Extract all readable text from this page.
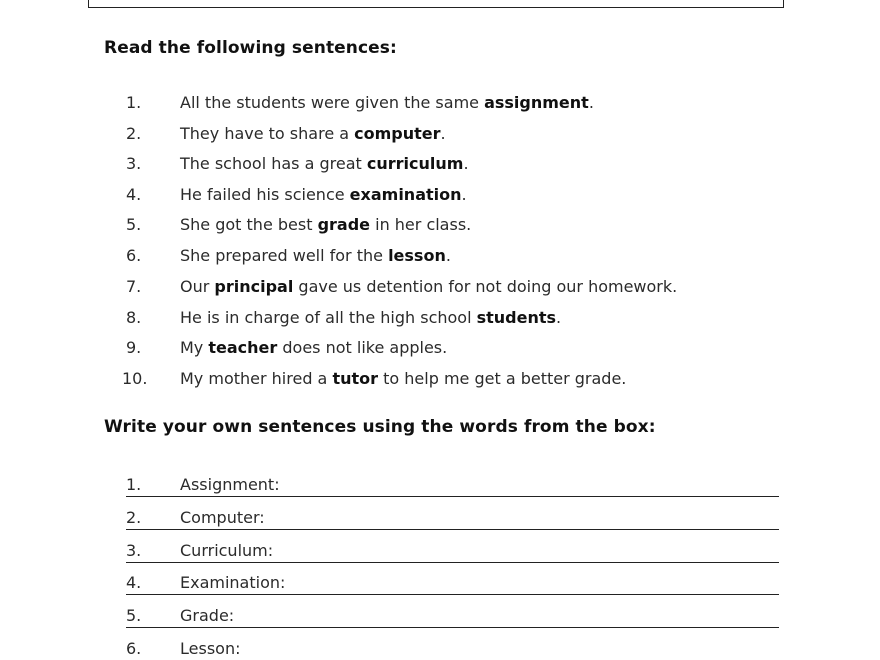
Read the following sentences:
1. All the students were given the same assignment.
2. They have to share a computer.
3. The school has a great curriculum.
4. He failed his science examination.
5. She got the best grade in her class.
6. She prepared well for the lesson.
7. Our principal gave us detention for not doing our homework.
8. He is in charge of all the high school students.
9. My teacher does not like apples.
10. My mother hired a tutor to help me get a better grade.
Write your own sentences using the words from the box:
1. Assignment:
2. Computer:
3. Curriculum:
4. Examination:
5. Grade:
6. Lesson:
